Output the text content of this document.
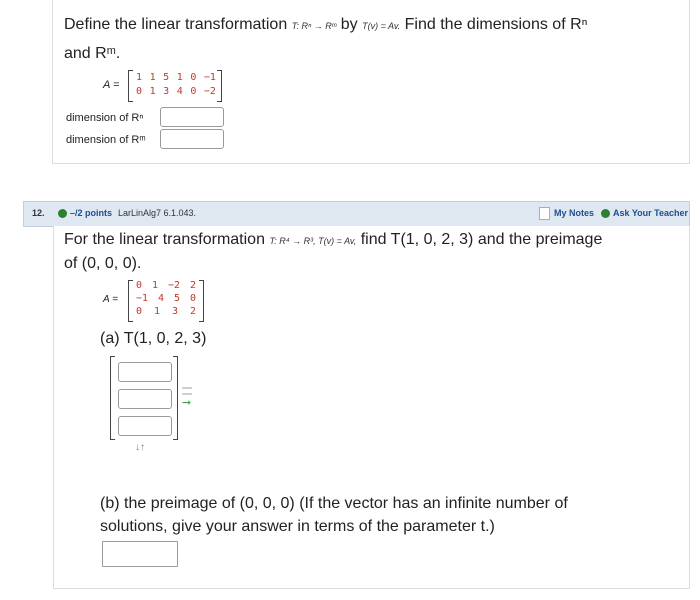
Define the linear transformation T: Rⁿ → Rᵐ by T(v) = Av. Find the dimensions of Rⁿ
and Rᵐ.
A =
1 1 5 1 0 −1
0 1 3 4 0 −2
dimension of Rⁿ
dimension of Rᵐ
12.	–/2 points LarLinAlg7 6.1.043.	My Notes Ask Your Teacher
For the linear transformation T: R⁴ → R³, T(v) = Av, find T(1, 0, 2, 3) and the preimage
of (0, 0, 0).
A =
0 1 −2 2
−1 4 5 0
0 1 3 2
(a) T(1, 0, 2, 3)
➞
↓↑
(b) the preimage of (0, 0, 0) (If the vector has an infinite number of
solutions, give your answer in terms of the parameter t.)
